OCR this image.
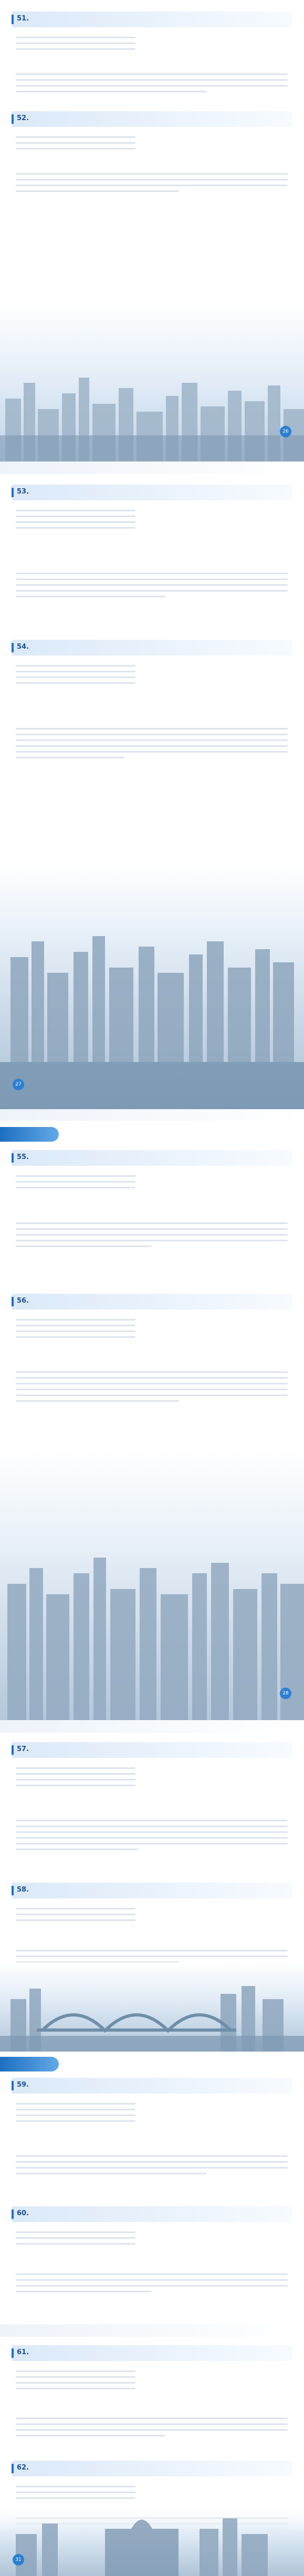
51.
52.
26
53.
54.
27
55.
56.
28
57.
58.
59.
60.
61.
62.
31
